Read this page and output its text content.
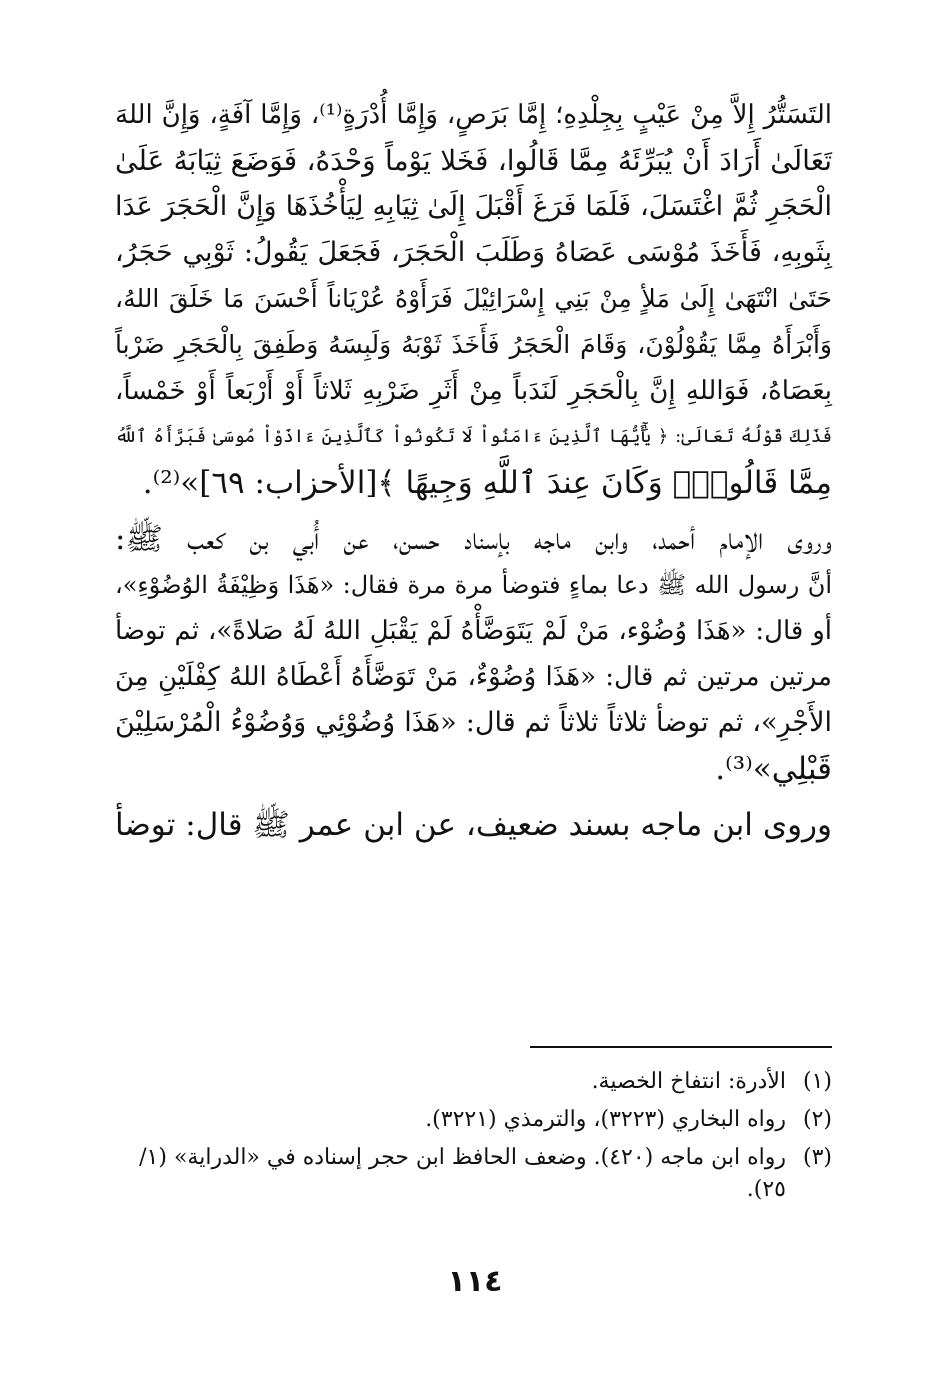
التَسَتُّرُ إِلاَّ مِنْ عَيْبٍ بِجِلْدِهِ؛ إِمَّا بَرَصٍ، وَإِمَّا أُدْرَةٍ⁽¹⁾، وَإِمَّا آفَةٍ، وَإِنَّ اللهَ
تَعَالَىٰ أَرَادَ أَنْ يُبَرِّئَهُ مِمَّا قَالُوا، فَخَلا يَوْماً وَحْدَهُ، فَوَضَعَ ثِيَابَهُ عَلَىٰ
الْحَجَرِ ثُمَّ اغْتَسَلَ، فَلَمَا فَرَغَ أَقْبَلَ إِلَىٰ ثِيَابِهِ لِيَأْخُذَهَا وَإِنَّ الْحَجَرَ عَدَا
بِثَوبِهِ، فَأَخَذَ مُوْسَى عَصَاهُ وَطَلَبَ الْحَجَرَ، فَجَعَلَ يَقُولُ: ثَوْبِي حَجَرُ،
حَتَىٰ انْتَهَىٰ إِلَىٰ مَلأٍ مِنْ بَنِي إِسْرَائِيْلَ فَرَأَوْهُ عُرْيَاناً أَحْسَنَ مَا خَلَقَ اللهُ،
وَأَبْرَأَهُ مِمَّا يَقُوْلُوْنَ، وَقَامَ الْحَجَرُ فَأَخَذَ ثَوْبَهُ وَلَبِسَهُ وَطَفِقَ بِالْحَجَرِ ضَرْباً
بِعَصَاهُ، فَوَاللهِ إِنَّ بِالْحَجَرِ لَنَدَباً مِنْ أَثَرِ ضَرْبِهِ ثَلاثاً أَوْ أَرْبَعاً أَوْ خَمْساً،
فَذَلِكَ قَوْلُهُ تَعَالَىٰ: ﴿ يَٰٓأَيُّهَا ٱلَّذِينَ ءَامَنُواْ لَا تَكُونُواْ كَٱلَّذِينَ ءَاذَوْاْ مُوسَىٰ فَبَرَّأَهُ ٱللَّهُ
مِمَّا قَالُواْۚ وَكَانَ عِندَ ٱللَّهِ وَجِيهًا ﴾[الأحزاب: ٦٩]»⁽²⁾.
وروى الإمام أحمد، وابن ماجه بإسناد حسن، عن أُبي بن كعب ﷺ:
أنَّ رسول الله ﷺ دعا بماءٍ فتوضأ مرة مرة فقال: «هَذَا وَظِيْفَةُ الوُضُوْءِ»،
أو قال: «هَذَا وُضُوْء، مَنْ لَمْ يَتَوَضَّأْهُ لَمْ يَقْبَلِ اللهُ لَهُ صَلاةً»، ثم توضأ
مرتين مرتين ثم قال: «هَذَا وُضُوْءٌ، مَنْ تَوَضَّأَهُ أَعْطَاهُ اللهُ كِفْلَيْنِ مِنَ
الأَجْرِ»، ثم توضأ ثلاثاً ثلاثاً ثم قال: «هَذَا وُضُوْئِي وَوُضُوْءُ الْمُرْسَلِيْنَ
قَبْلِي»⁽³⁾.
وروى ابن ماجه بسند ضعيف، عن ابن عمر ﷺ قال: توضأ
(١)
الأدرة: انتفاخ الخصية.
(٢)
رواه البخاري (٣٢٢٣)، والترمذي (٣٢٢١).
(٣)
رواه ابن ماجه (٤٢٠). وضعف الحافظ ابن حجر إسناده في «الدراية» (١/ ٢٥).
١١٤
